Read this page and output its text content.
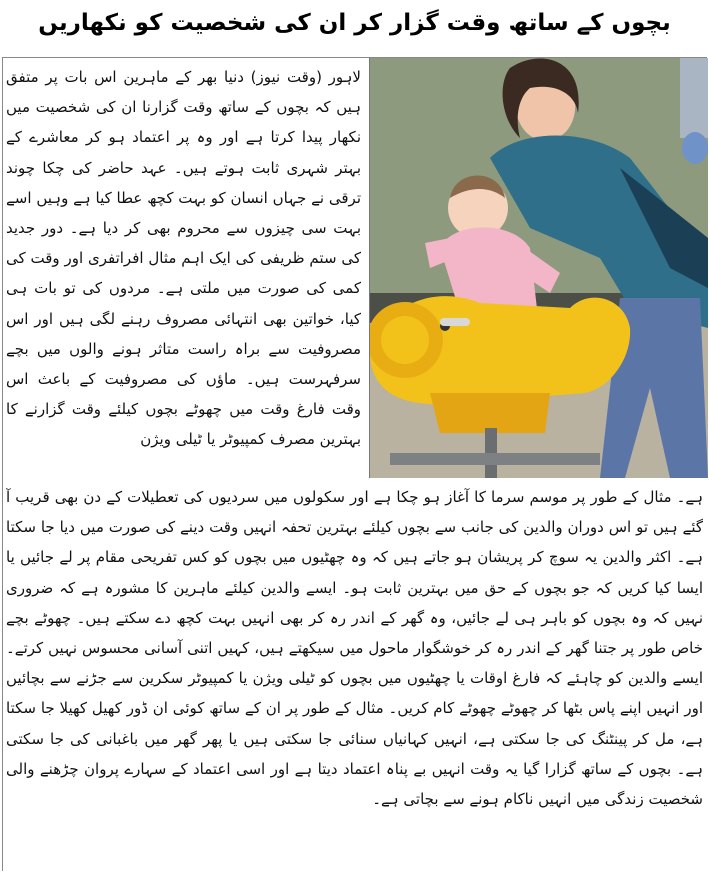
بچوں کے ساتھ وقت گزار کر ان کی شخصیت کو نکھاریں

لاہور (وقت نیوز) دنیا بھر کے ماہرین اس بات پر متفق ہیں کہ بچوں کے ساتھ وقت گزارنا ان کی شخصیت میں نکھار پیدا کرتا ہے اور وہ پر اعتماد ہو کر معاشرے کے بہتر شہری ثابت ہوتے ہیں۔ عہد حاضر کی چکا چوند ترقی نے جہاں انسان کو بہت کچھ عطا کیا ہے وہیں اسے بہت سی چیزوں سے محروم بھی کر دیا ہے۔ دور جدید کی ستم ظریفی کی ایک اہم مثال افراتفری اور وقت کی کمی کی صورت میں ملتی ہے۔ مردوں کی تو بات ہی کیا، خواتین بھی انتہائی مصروف رہنے لگی ہیں اور اس مصروفیت سے براہ راست متاثر ہونے والوں میں بچے سرفہرست ہیں۔ ماؤں کی مصروفیت کے باعث اس وقت فارغ وقت میں چھوٹے بچوں کیلئے وقت گزارنے کا بہترین مصرف کمپیوٹر یا ٹیلی ویژن

ہے۔ مثال کے طور پر موسم سرما کا آغاز ہو چکا ہے اور سکولوں میں سردیوں کی تعطیلات کے دن بھی قریب آ گئے ہیں تو اس دوران والدین کی جانب سے بچوں کیلئے بہترین تحفہ انہیں وقت دینے کی صورت میں دیا جا سکتا ہے۔ اکثر والدین یہ سوچ کر پریشان ہو جاتے ہیں کہ وہ چھٹیوں میں بچوں کو کس تفریحی مقام پر لے جائیں یا ایسا کیا کریں کہ جو بچوں کے حق میں بہترین ثابت ہو۔ ایسے والدین کیلئے ماہرین کا مشورہ ہے کہ ضروری نہیں کہ وہ بچوں کو باہر ہی لے جائیں، وہ گھر کے اندر رہ کر بھی انہیں بہت کچھ دے سکتے ہیں۔ چھوٹے بچے خاص طور پر جتنا گھر کے اندر رہ کر خوشگوار ماحول میں سیکھتے ہیں، کہیں اتنی آسانی محسوس نہیں کرتے۔ ایسے والدین کو چاہئے کہ فارغ اوقات یا چھٹیوں میں بچوں کو ٹیلی ویژن یا کمپیوٹر سکرین سے جڑنے سے بچائیں اور انہیں اپنے پاس بٹھا کر چھوٹے چھوٹے کام کریں۔ مثال کے طور پر ان کے ساتھ کوئی ان ڈور کھیل کھیلا جا سکتا ہے، مل کر پینٹنگ کی جا سکتی ہے، انہیں کہانیاں سنائی جا سکتی ہیں یا پھر گھر میں باغبانی کی جا سکتی ہے۔ بچوں کے ساتھ گزارا گیا یہ وقت انہیں بے پناہ اعتماد دیتا ہے اور اسی اعتماد کے سہارے پروان چڑھنے والی شخصیت زندگی میں انہیں ناکام ہونے سے بچاتی ہے۔
